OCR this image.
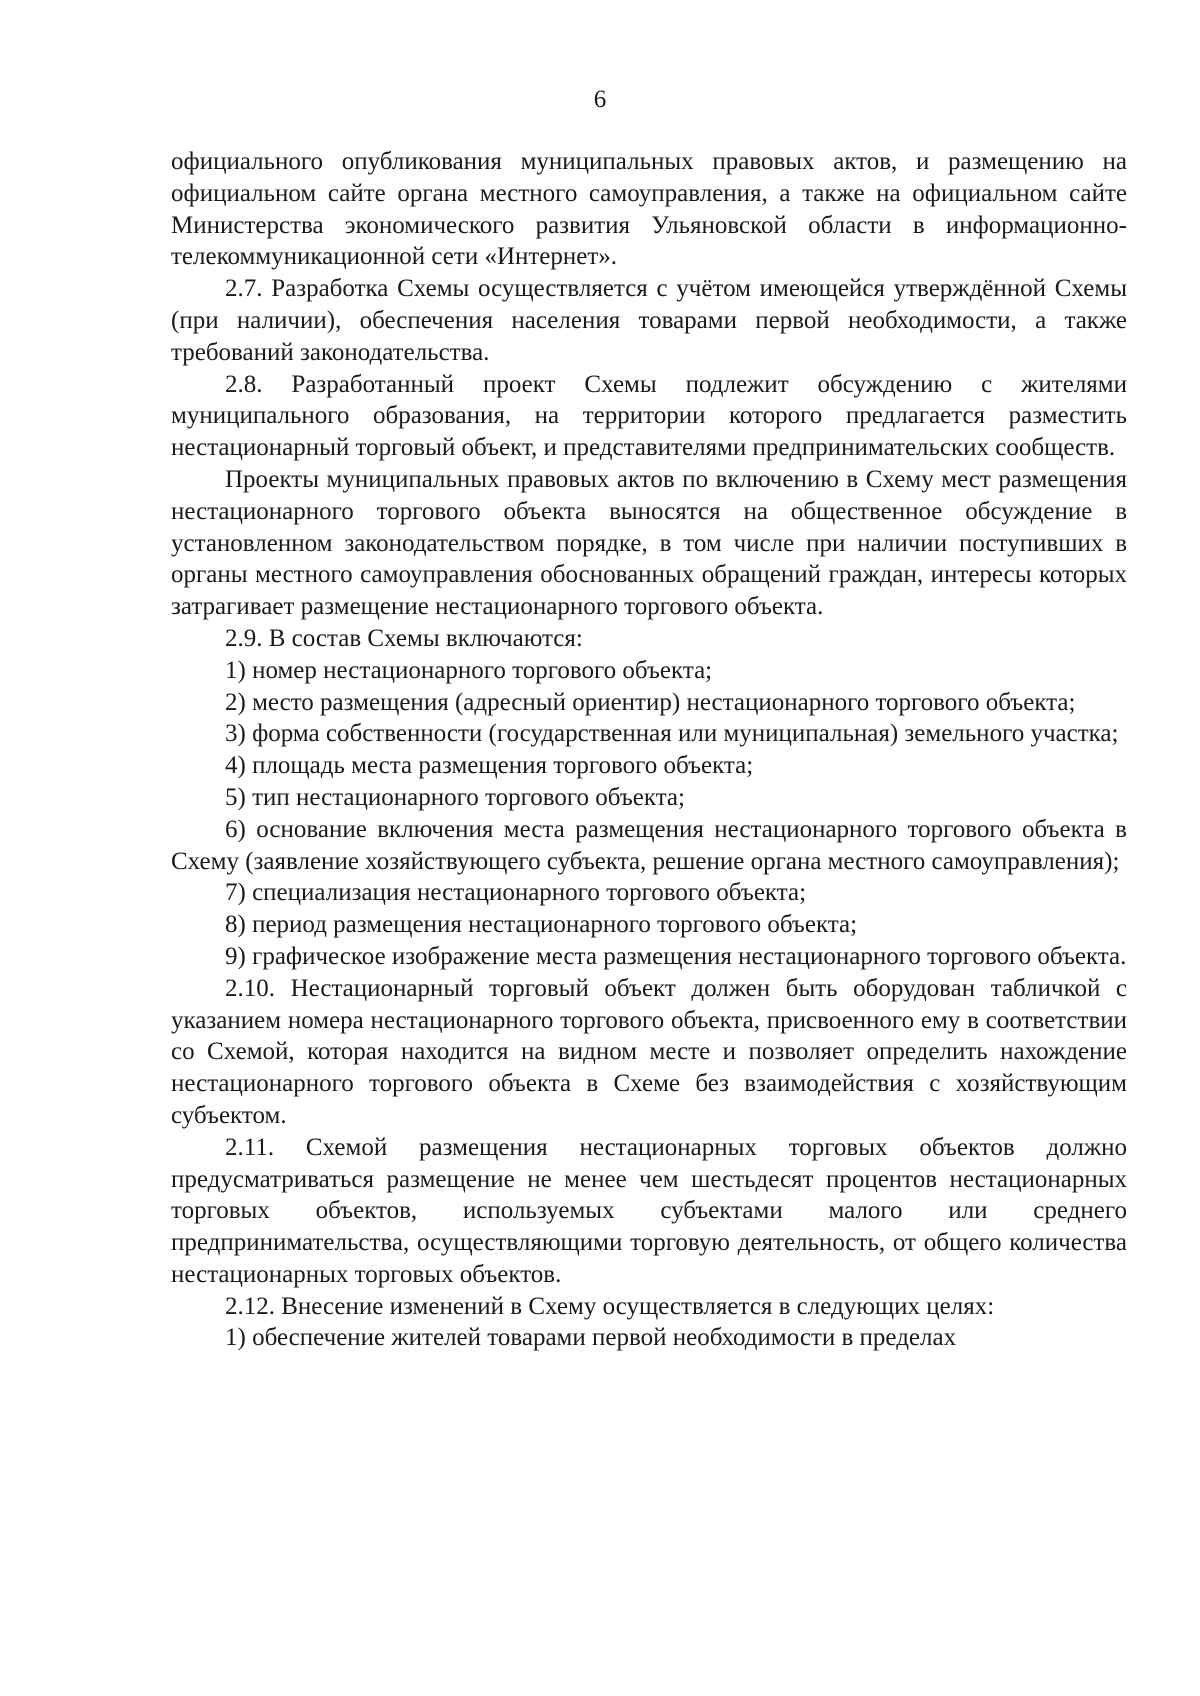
6

официального опубликования муниципальных правовых актов, и размещению на официальном сайте органа местного самоуправления, а также на официальном сайте Министерства экономического развития Ульяновской области в информационно-телекоммуникационной сети «Интернет».

2.7. Разработка Схемы осуществляется с учётом имеющейся утверждённой Схемы (при наличии), обеспечения населения товарами первой необходимости, а также требований законодательства.

2.8. Разработанный проект Схемы подлежит обсуждению с жителями муниципального образования, на территории которого предлагается разместить нестационарный торговый объект, и представителями предпринимательских сообществ.

Проекты муниципальных правовых актов по включению в Схему мест размещения нестационарного торгового объекта выносятся на общественное обсуждение в установленном законодательством порядке, в том числе при наличии поступивших в органы местного самоуправления обоснованных обращений граждан, интересы которых затрагивает размещение нестационарного торгового объекта.

2.9. В состав Схемы включаются:

1) номер нестационарного торгового объекта;

2) место размещения (адресный ориентир) нестационарного торгового объекта;

3) форма собственности (государственная или муниципальная) земельного участка;

4) площадь места размещения торгового объекта;

5) тип нестационарного торгового объекта;

6) основание включения места размещения нестационарного торгового объекта в Схему (заявление хозяйствующего субъекта, решение органа местного самоуправления);

7) специализация нестационарного торгового объекта;

8) период размещения нестационарного торгового объекта;

9) графическое изображение места размещения нестационарного торгового объекта.

2.10. Нестационарный торговый объект должен быть оборудован табличкой с указанием номера нестационарного торгового объекта, присвоенного ему в соответствии со Схемой, которая находится на видном месте и позволяет определить нахождение нестационарного торгового объекта в Схеме без взаимодействия с хозяйствующим субъектом.

2.11. Схемой размещения нестационарных торговых объектов должно предусматриваться размещение не менее чем шестьдесят процентов нестационарных торговых объектов, используемых субъектами малого или среднего предпринимательства, осуществляющими торговую деятельность, от общего количества нестационарных торговых объектов.

2.12. Внесение изменений в Схему осуществляется в следующих целях:

1) обеспечение жителей товарами первой необходимости в пределах
